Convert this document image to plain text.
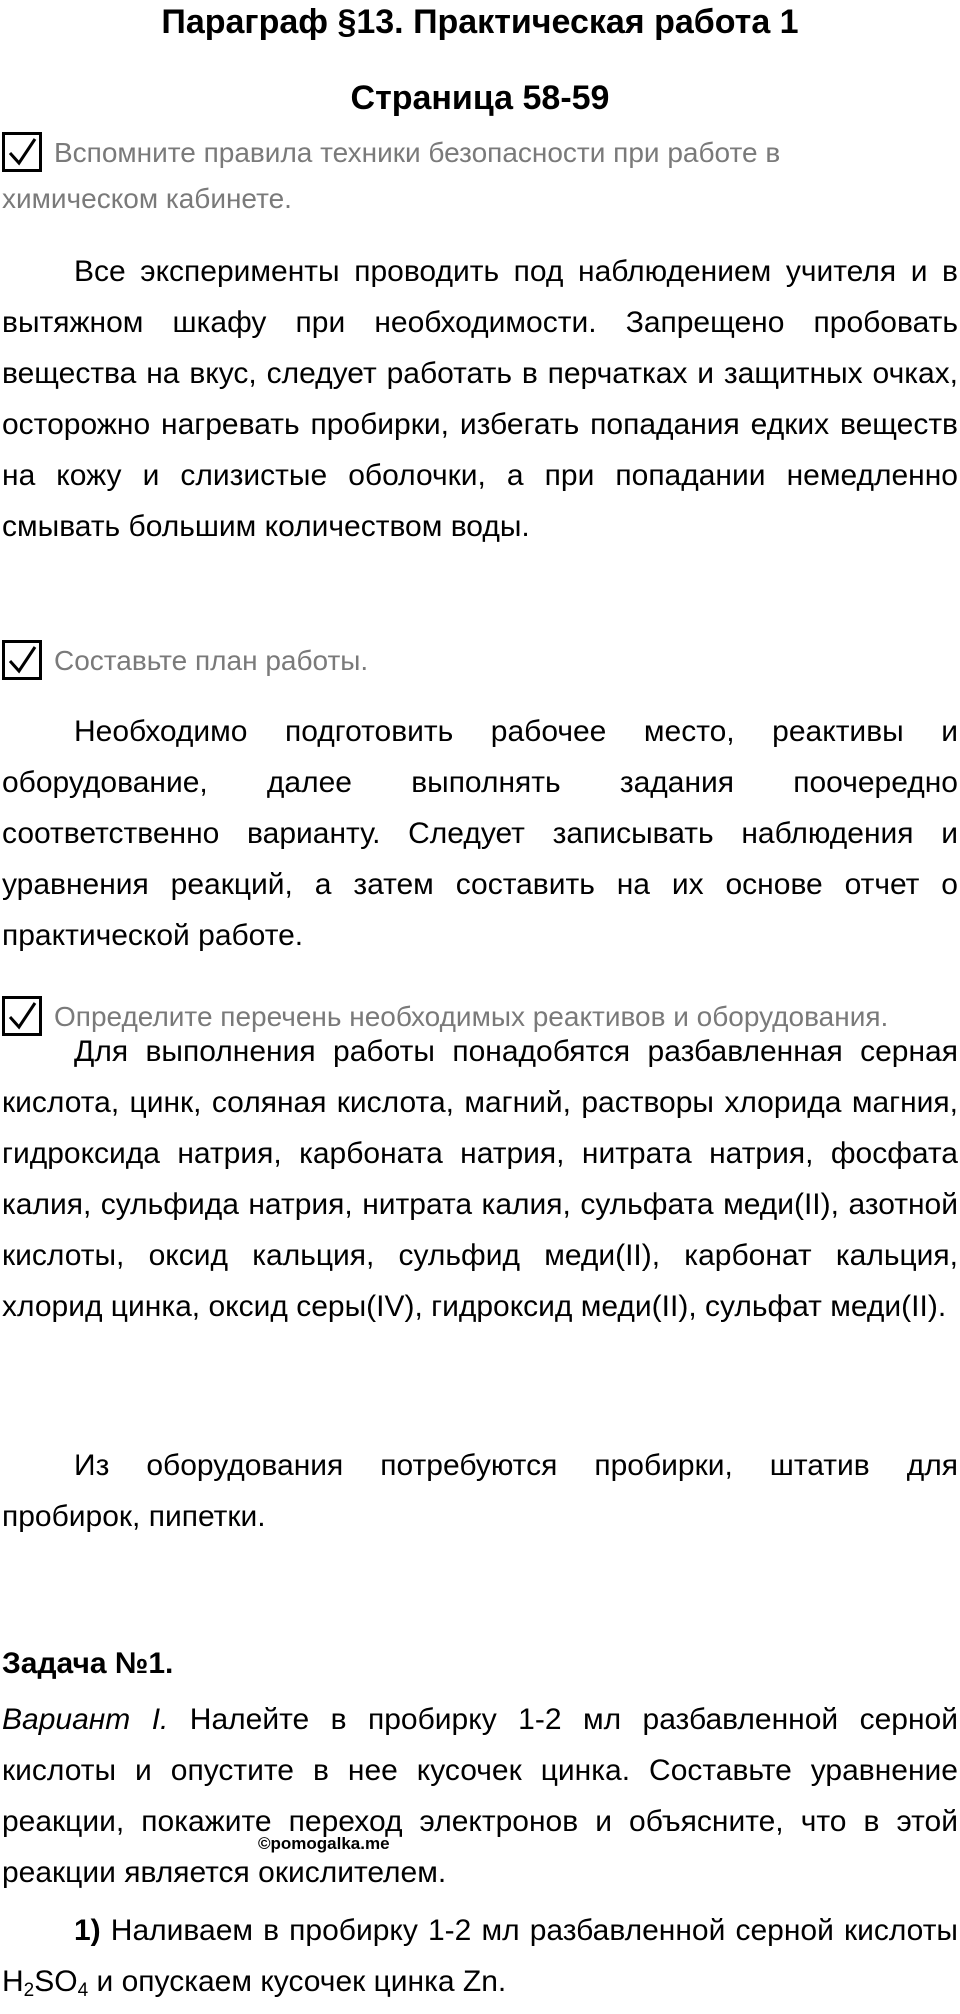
Параграф §13. Практическая работа 1
Страница 58-59
Вспомните правила техники безопасности при работе в
химическом кабинете.
Все эксперименты проводить под наблюдением учителя и в вытяжном шкафу при необходимости. Запрещено пробовать вещества на вкус, следует работать в перчатках и защитных очках, осторожно нагревать пробирки, избегать попадания едких веществ на кожу и слизистые оболочки, а при попадании немедленно смывать большим количеством воды.
Составьте план работы.
Необходимо подготовить рабочее место, реактивы и оборудование, далее выполнять задания поочередно соответственно варианту. Следует записывать наблюдения и уравнения реакций, а затем составить на их основе отчет о практической работе.
Определите перечень необходимых реактивов и оборудования.
Для выполнения работы понадобятся разбавленная серная кислота, цинк, соляная кислота, магний, растворы хлорида магния, гидроксида натрия, карбоната натрия, нитрата натрия, фосфата калия, сульфида натрия, нитрата калия, сульфата меди(II), азотной кислоты, оксид кальция, сульфид меди(II), карбонат кальция, хлорид цинка, оксид серы(IV), гидроксид меди(II), сульфат меди(II).
Из оборудования потребуются пробирки, штатив для пробирок, пипетки.
Задача №1.
Вариант I. Налейте в пробирку 1-2 мл разбавленной серной кислоты и опустите в нее кусочек цинка. Составьте уравнение реакции, покажите переход электронов и объясните, что в этой реакции является окислителем.
©pomogalka.me
1) Наливаем в пробирку 1-2 мл разбавленной серной кислоты $H_2SO_4$ и опускаем кусочек цинка Zn.
